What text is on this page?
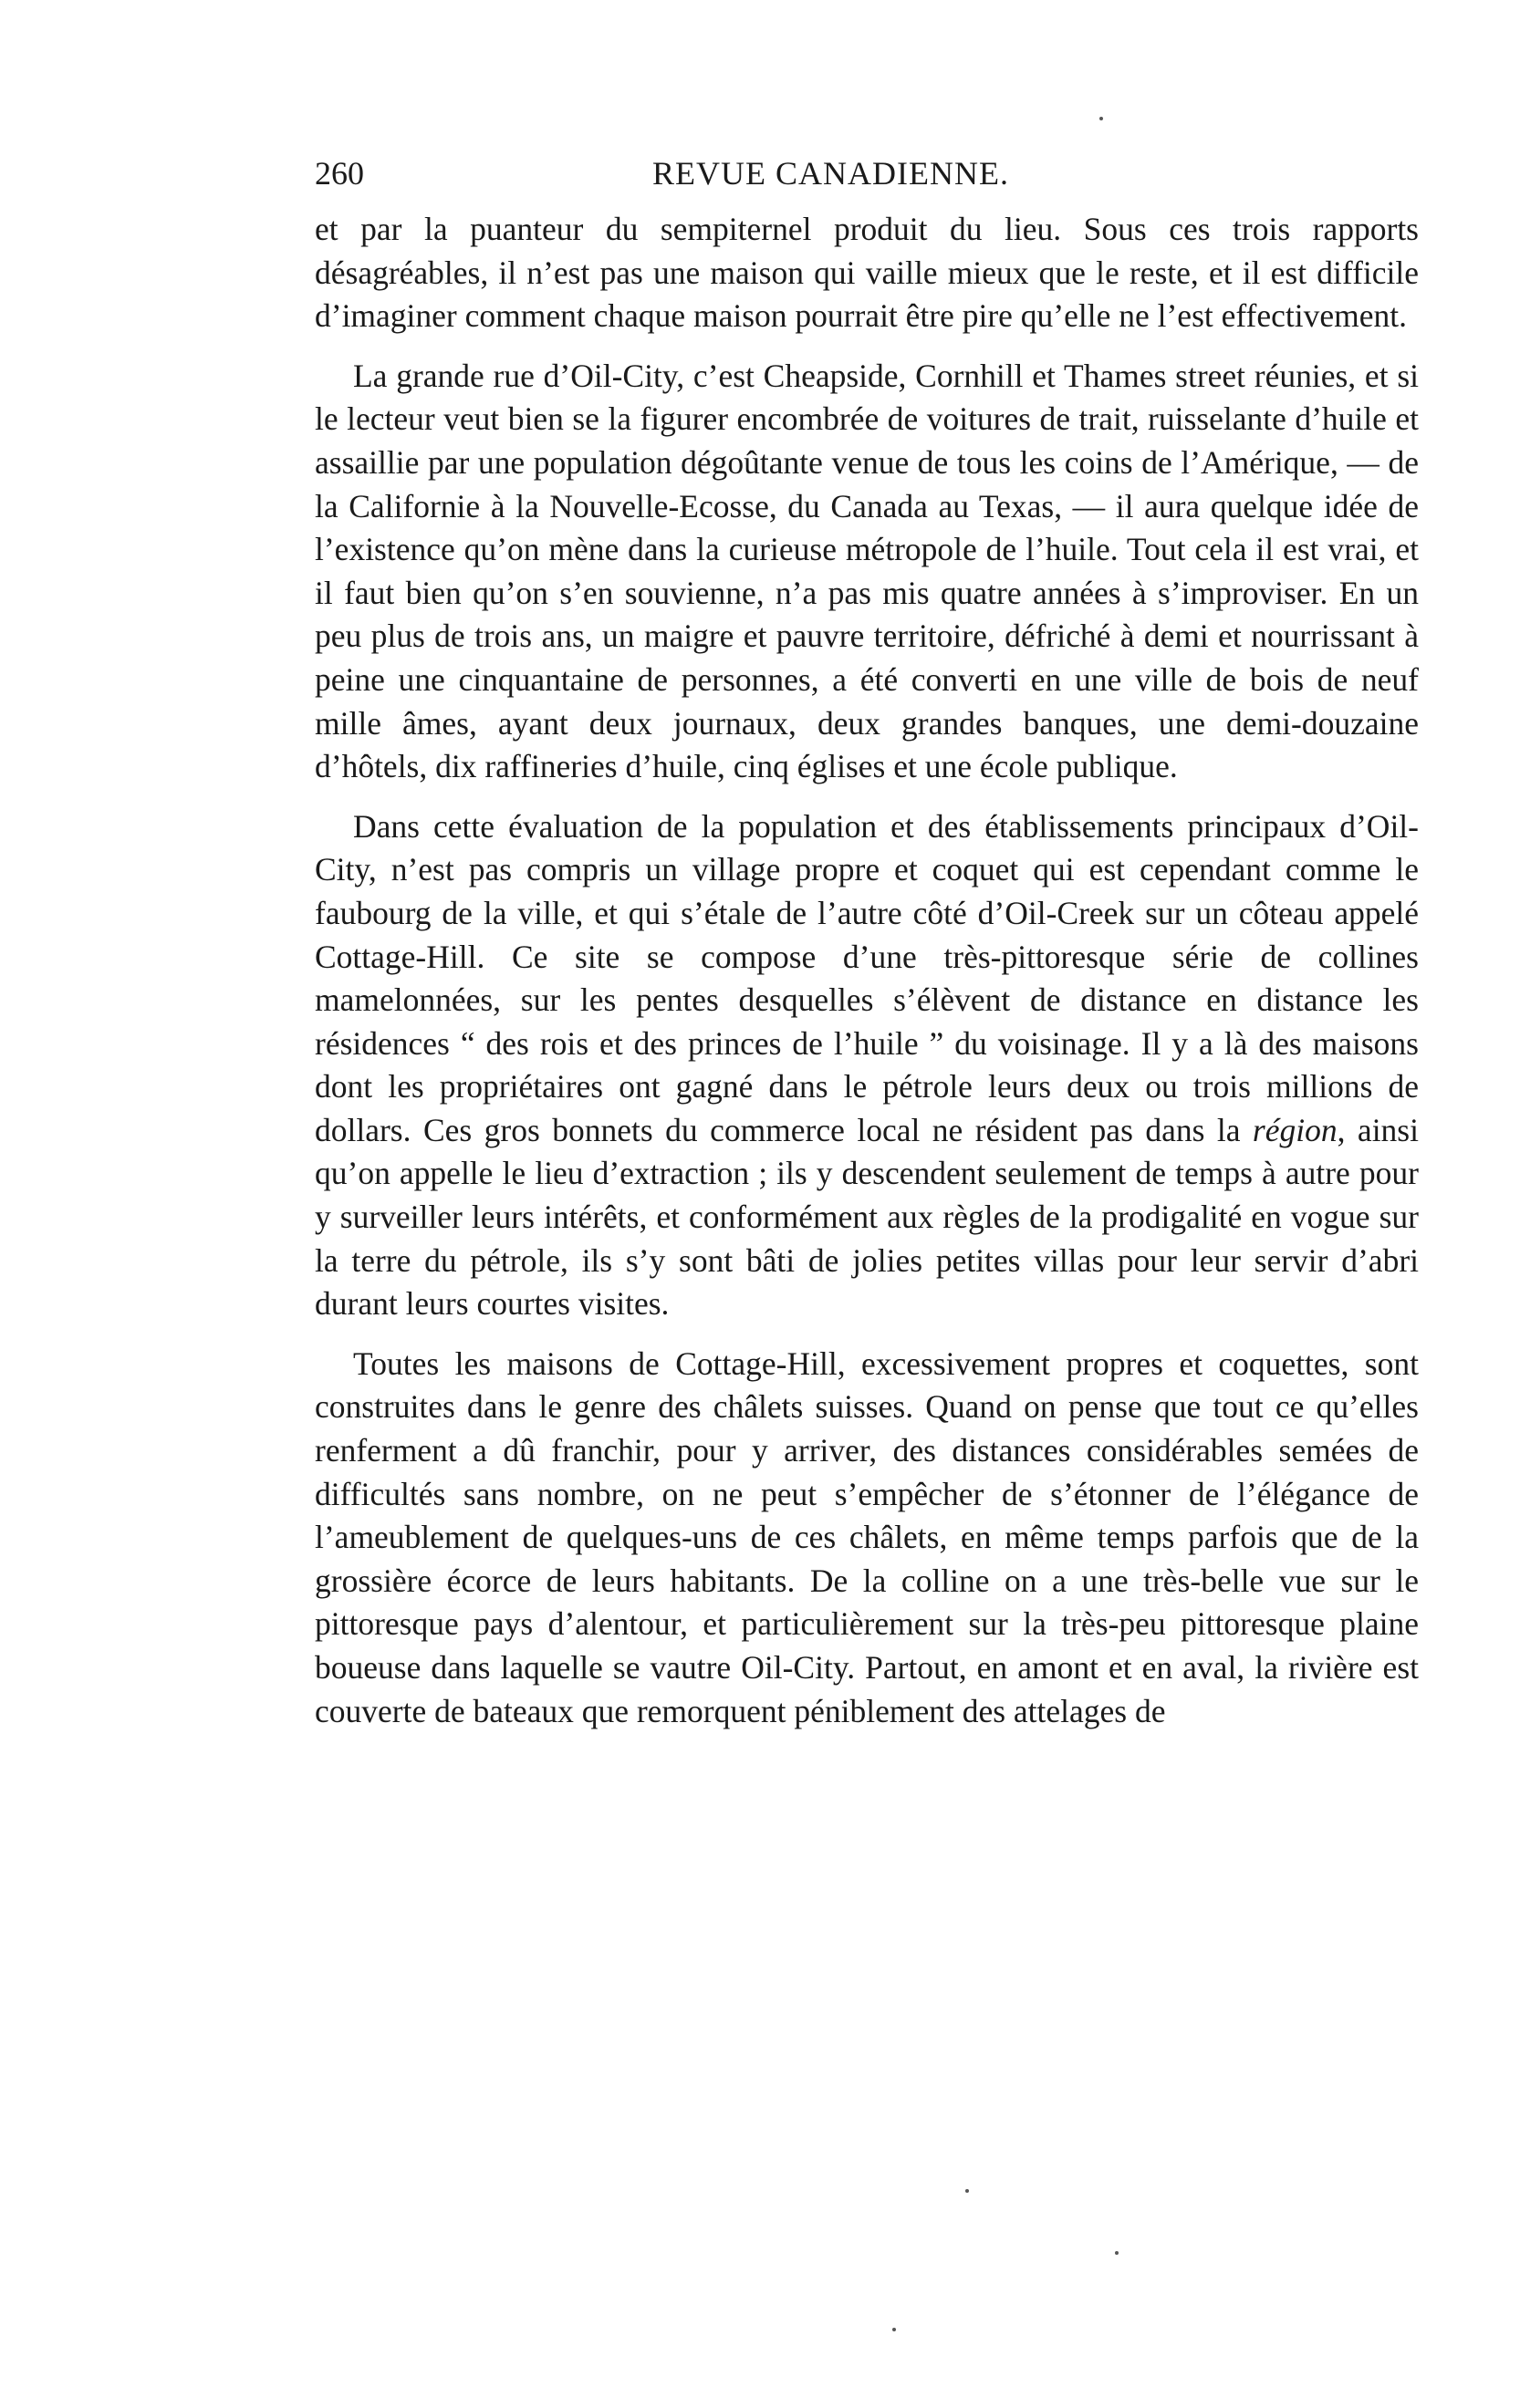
260	REVUE CANADIENNE.

et par la puanteur du sempiternel produit du lieu. Sous ces trois rapports désagréables, il n’est pas une maison qui vaille mieux que le reste, et il est difficile d’imaginer comment chaque maison pourrait être pire qu’elle ne l’est effectivement.

La grande rue d’Oil-City, c’est Cheapside, Cornhill et Thames street réunies, et si le lecteur veut bien se la figurer encombrée de voitures de trait, ruisselante d’huile et assaillie par une population dégoûtante venue de tous les coins de l’Amérique, — de la Californie à la Nouvelle-Ecosse, du Canada au Texas, — il aura quelque idée de l’existence qu’on mène dans la curieuse métropole de l’huile. Tout cela il est vrai, et il faut bien qu’on s’en souvienne, n’a pas mis quatre années à s’improviser. En un peu plus de trois ans, un maigre et pauvre territoire, défriché à demi et nourrissant à peine une cinquantaine de personnes, a été converti en une ville de bois de neuf mille âmes, ayant deux journaux, deux grandes banques, une demi-douzaine d’hôtels, dix raffineries d’huile, cinq églises et une école publique.

Dans cette évaluation de la population et des établissements principaux d’Oil-City, n’est pas compris un village propre et coquet qui est cependant comme le faubourg de la ville, et qui s’étale de l’autre côté d’Oil-Creek sur un côteau appelé Cottage-Hill. Ce site se compose d’une très-pittoresque série de collines mamelonnées, sur les pentes desquelles s’élèvent de distance en distance les résidences “ des rois et des princes de l’huile ” du voisinage. Il y a là des maisons dont les propriétaires ont gagné dans le pétrole leurs deux ou trois millions de dollars. Ces gros bonnets du commerce local ne résident pas dans la région, ainsi qu’on appelle le lieu d’extraction ; ils y descendent seulement de temps à autre pour y surveiller leurs intérêts, et conformément aux règles de la prodigalité en vogue sur la terre du pétrole, ils s’y sont bâti de jolies petites villas pour leur servir d’abri durant leurs courtes visites.

Toutes les maisons de Cottage-Hill, excessivement propres et coquettes, sont construites dans le genre des châlets suisses. Quand on pense que tout ce qu’elles renferment a dû franchir, pour y arriver, des distances considérables semées de difficultés sans nombre, on ne peut s’empêcher de s’étonner de l’élégance de l’ameublement de quelques-uns de ces châlets, en même temps parfois que de la grossière écorce de leurs habitants. De la colline on a une très-belle vue sur le pittoresque pays d’alentour, et particulièrement sur la très-peu pittoresque plaine boueuse dans laquelle se vautre Oil-City. Partout, en amont et en aval, la rivière est couverte de bateaux que remorquent péniblement des attelages de
